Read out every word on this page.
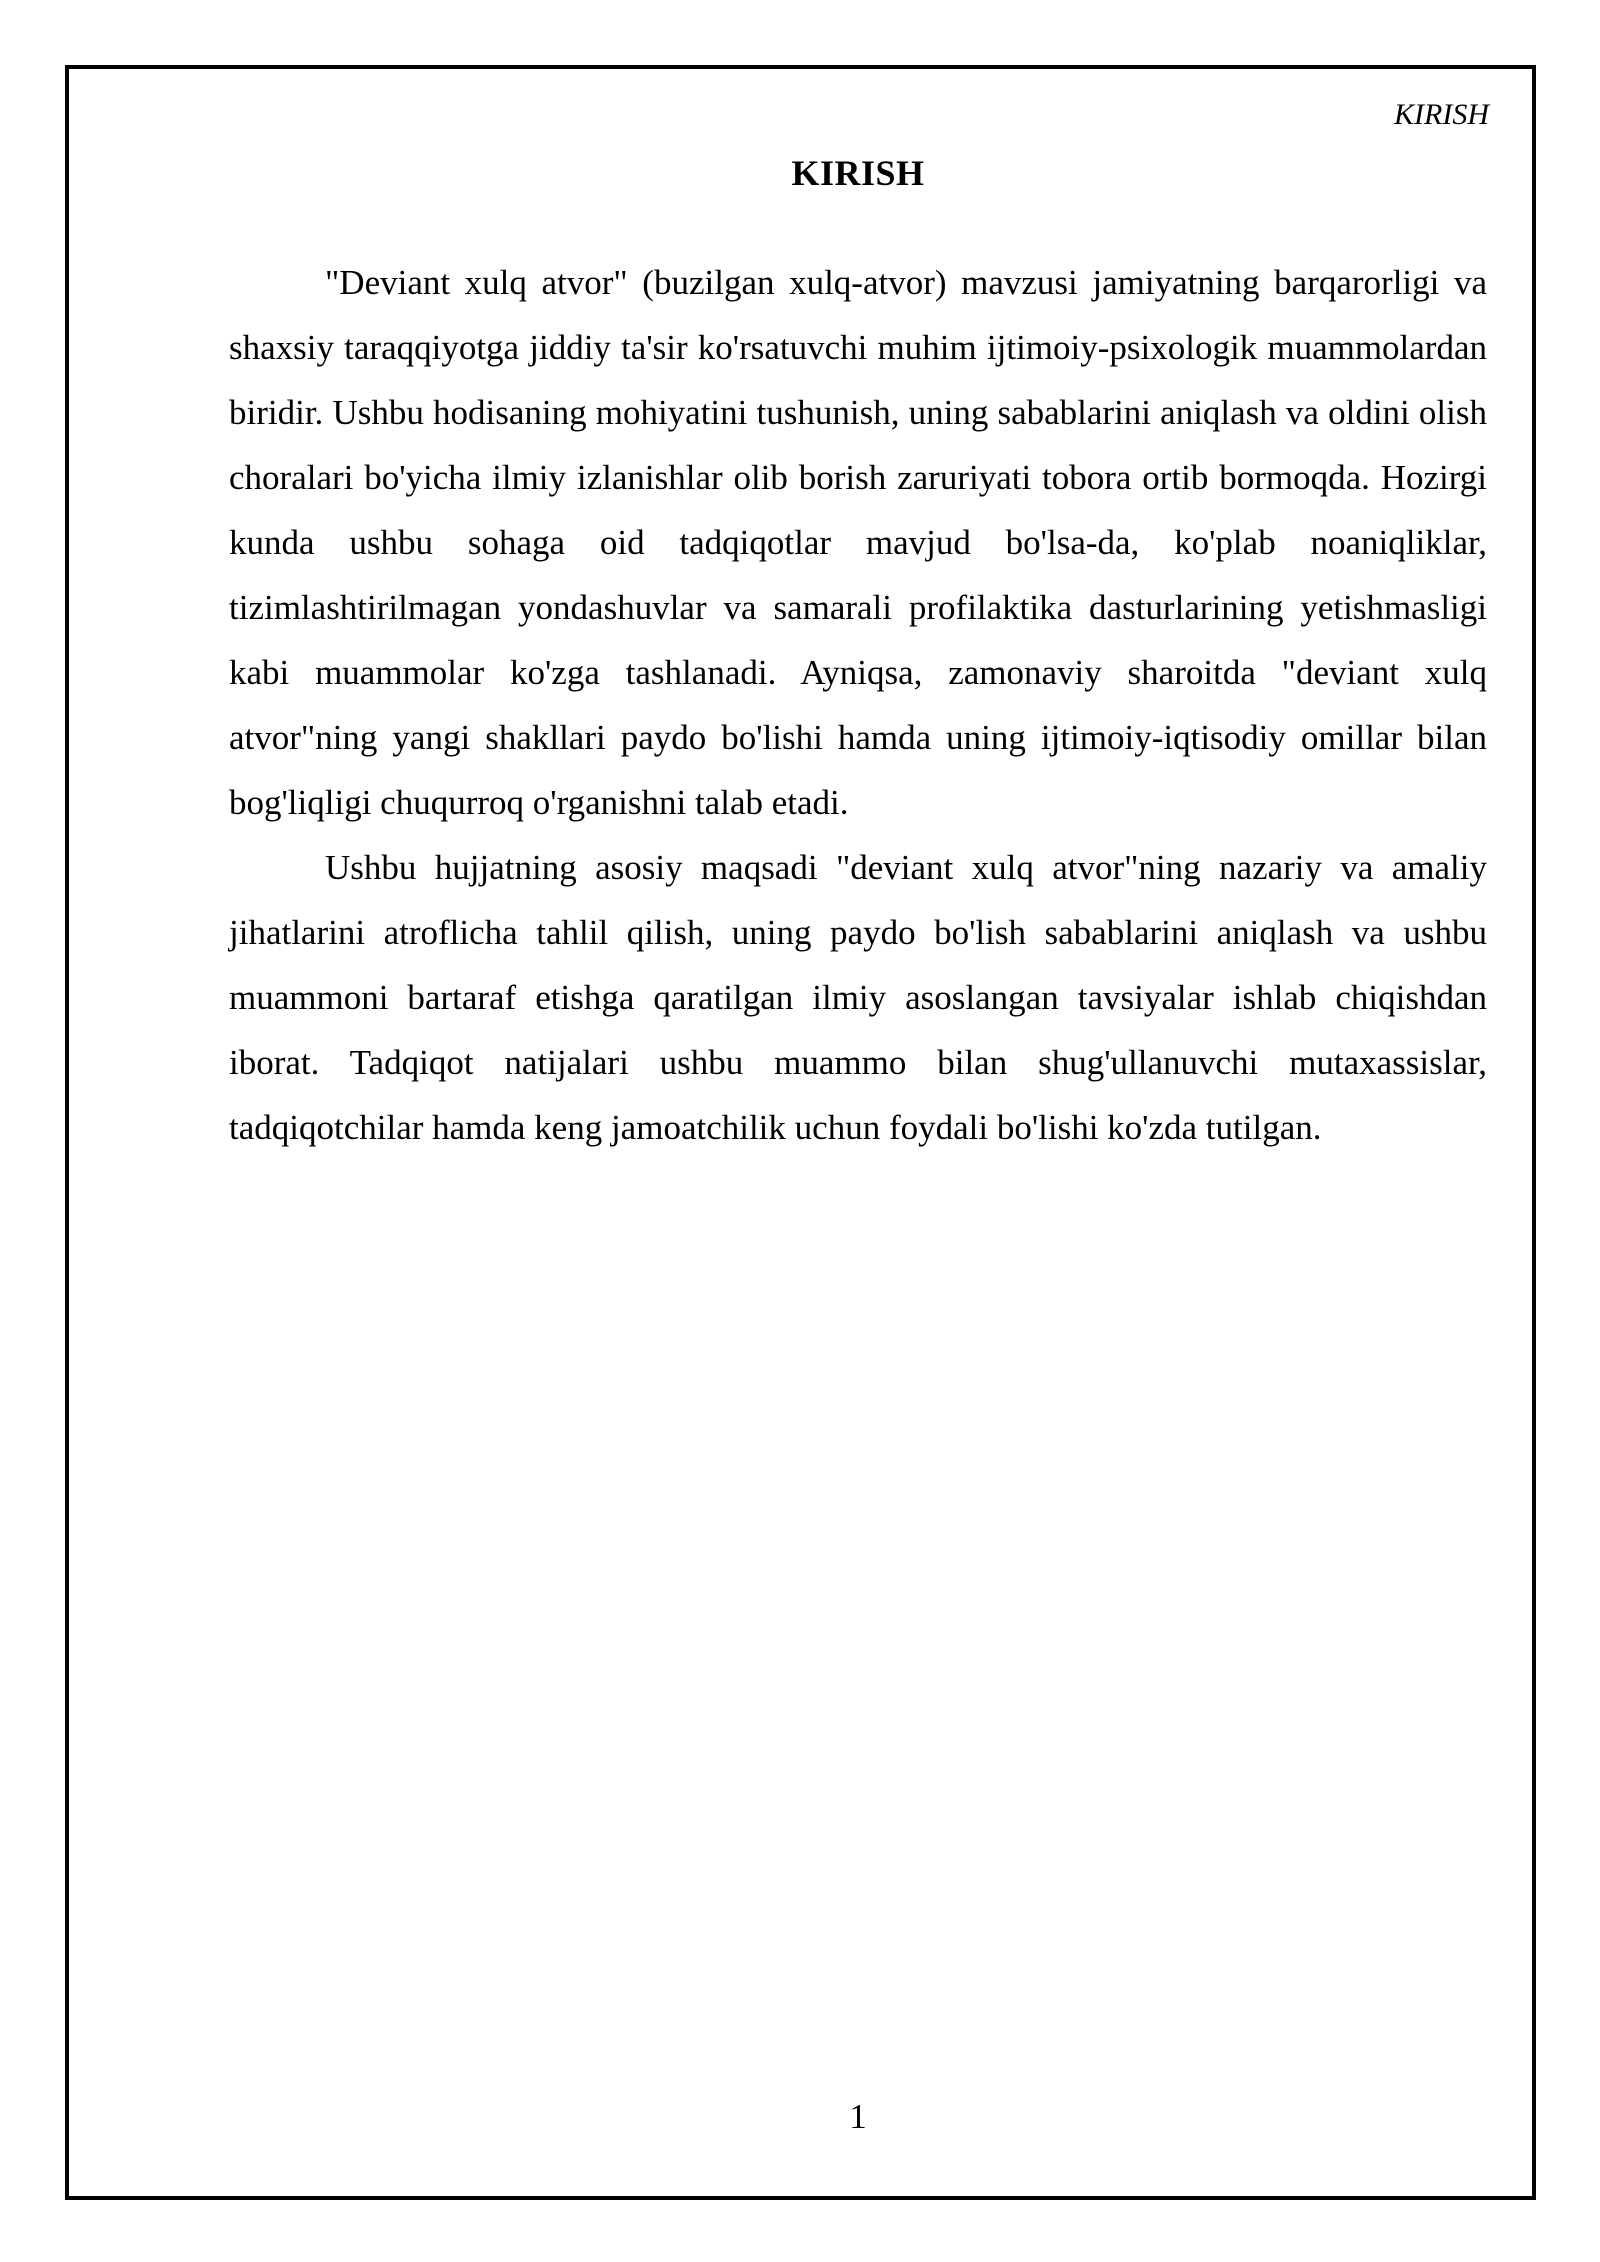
KIRISH
KIRISH

"Deviant xulq atvor" (buzilgan xulq-atvor) mavzusi jamiyatning barqarorligi va shaxsiy taraqqiyotga jiddiy ta'sir ko'rsatuvchi muhim ijtimoiy-psixologik muammolardan biridir. Ushbu hodisaning mohiyatini tushunish, uning sabablarini aniqlash va oldini olish choralari bo'yicha ilmiy izlanishlar olib borish zaruriyati tobora ortib bormoqda. Hozirgi kunda ushbu sohaga oid tadqiqotlar mavjud bo'lsa-da, ko'plab noaniqliklar, tizimlashtirilmagan yondashuvlar va samarali profilaktika dasturlarining yetishmasligi kabi muammolar ko'zga tashlanadi. Ayniqsa, zamonaviy sharoitda "deviant xulq atvor"ning yangi shakllari paydo bo'lishi hamda uning ijtimoiy-iqtisodiy omillar bilan bog'liqligi chuqurroq o'rganishni talab etadi.

Ushbu hujjatning asosiy maqsadi "deviant xulq atvor"ning nazariy va amaliy jihatlarini atroflicha tahlil qilish, uning paydo bo'lish sabablarini aniqlash va ushbu muammoni bartaraf etishga qaratilgan ilmiy asoslangan tavsiyalar ishlab chiqishdan iborat. Tadqiqot natijalari ushbu muammo bilan shug'ullanuvchi mutaxassislar, tadqiqotchilar hamda keng jamoatchilik uchun foydali bo'lishi ko'zda tutilgan.

1
